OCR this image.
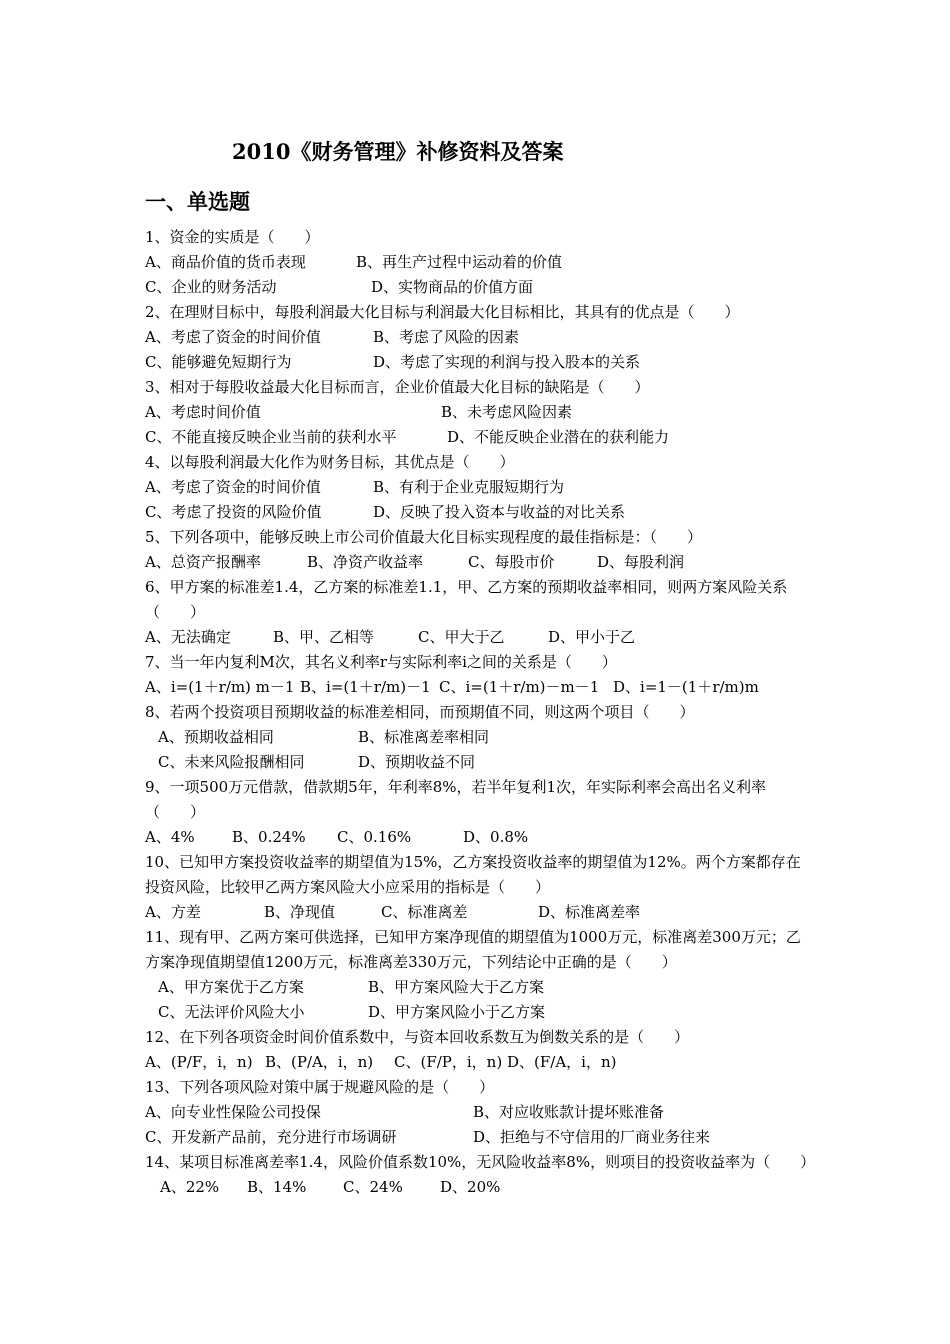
2010《财务管理》补修资料及答案
一、单选题
1、资金的实质是（　　）
A、商品价值的货币表现	B、再生产过程中运动着的价值
C、企业的财务活动	D、实物商品的价值方面
2、在理财目标中，每股利润最大化目标与利润最大化目标相比，其具有的优点是（　　）
A、考虑了资金的时间价值	B、考虑了风险的因素
C、能够避免短期行为	D、考虑了实现的利润与投入股本的关系
3、相对于每股收益最大化目标而言，企业价值最大化目标的缺陷是（　　）
A、考虑时间价值	B、未考虑风险因素
C、不能直接反映企业当前的获利水平	D、不能反映企业潜在的获利能力
4、以每股利润最大化作为财务目标，其优点是（　　）
A、考虑了资金的时间价值	B、有利于企业克服短期行为
C、考虑了投资的风险价值	D、反映了投入资本与收益的对比关系
5、下列各项中，能够反映上市公司价值最大化目标实现程度的最佳指标是：（　　）
A、总资产报酬率	B、净资产收益率	C、每股市价	D、每股利润
6、甲方案的标准差1.4，乙方案的标准差1.1，甲、乙方案的预期收益率相同，则两方案风险关系（　　）
A、无法确定	B、甲、乙相等	C、甲大于乙	D、甲小于乙
7、当一年内复利M次，其名义利率r与实际利率i之间的关系是（　　）
A、i=(1＋r/m) m－1 B、i=(1＋r/m)－1 C、i=(1＋r/m)－m－1 D、i=1－(1＋r/m)m
8、若两个投资项目预期收益的标准差相同，而预期值不同，则这两个项目（　　）
A、预期收益相同	B、标准离差率相同
C、未来风险报酬相同	D、预期收益不同
9、一项500万元借款，借款期5年，年利率8%，若半年复利1次，年实际利率会高出名义利率（　　）
A、4% B、0.24% C、0.16%	D、0.8%
10、已知甲方案投资收益率的期望值为15%，乙方案投资收益率的期望值为12%。两个方案都存在投资风险，比较甲乙两方案风险大小应采用的指标是（　　）
A、方差	B、净现值	C、标准离差	D、标准离差率
11、现有甲、乙两方案可供选择，已知甲方案净现值的期望值为1000万元，标准离差300万元；乙方案净现值期望值1200万元，标准离差330万元，下列结论中正确的是（　　）
A、甲方案优于乙方案	B、甲方案风险大于乙方案
C、无法评价风险大小	D、甲方案风险小于乙方案
12、在下列各项资金时间价值系数中，与资本回收系数互为倒数关系的是（　　）
A、(P/F，i，n) B、(P/A，i，n) C、(F/P，i，n) D、(F/A，i，n)
13、下列各项风险对策中属于规避风险的是（　　）
A、向专业性保险公司投保	B、对应收账款计提坏账准备
C、开发新产品前，充分进行市场调研	D、拒绝与不守信用的厂商业务往来
14、某项目标准离差率1.4，风险价值系数10%，无风险收益率8%，则项目的投资收益率为（　　）
A、22% B、14% C、24% D、20%
